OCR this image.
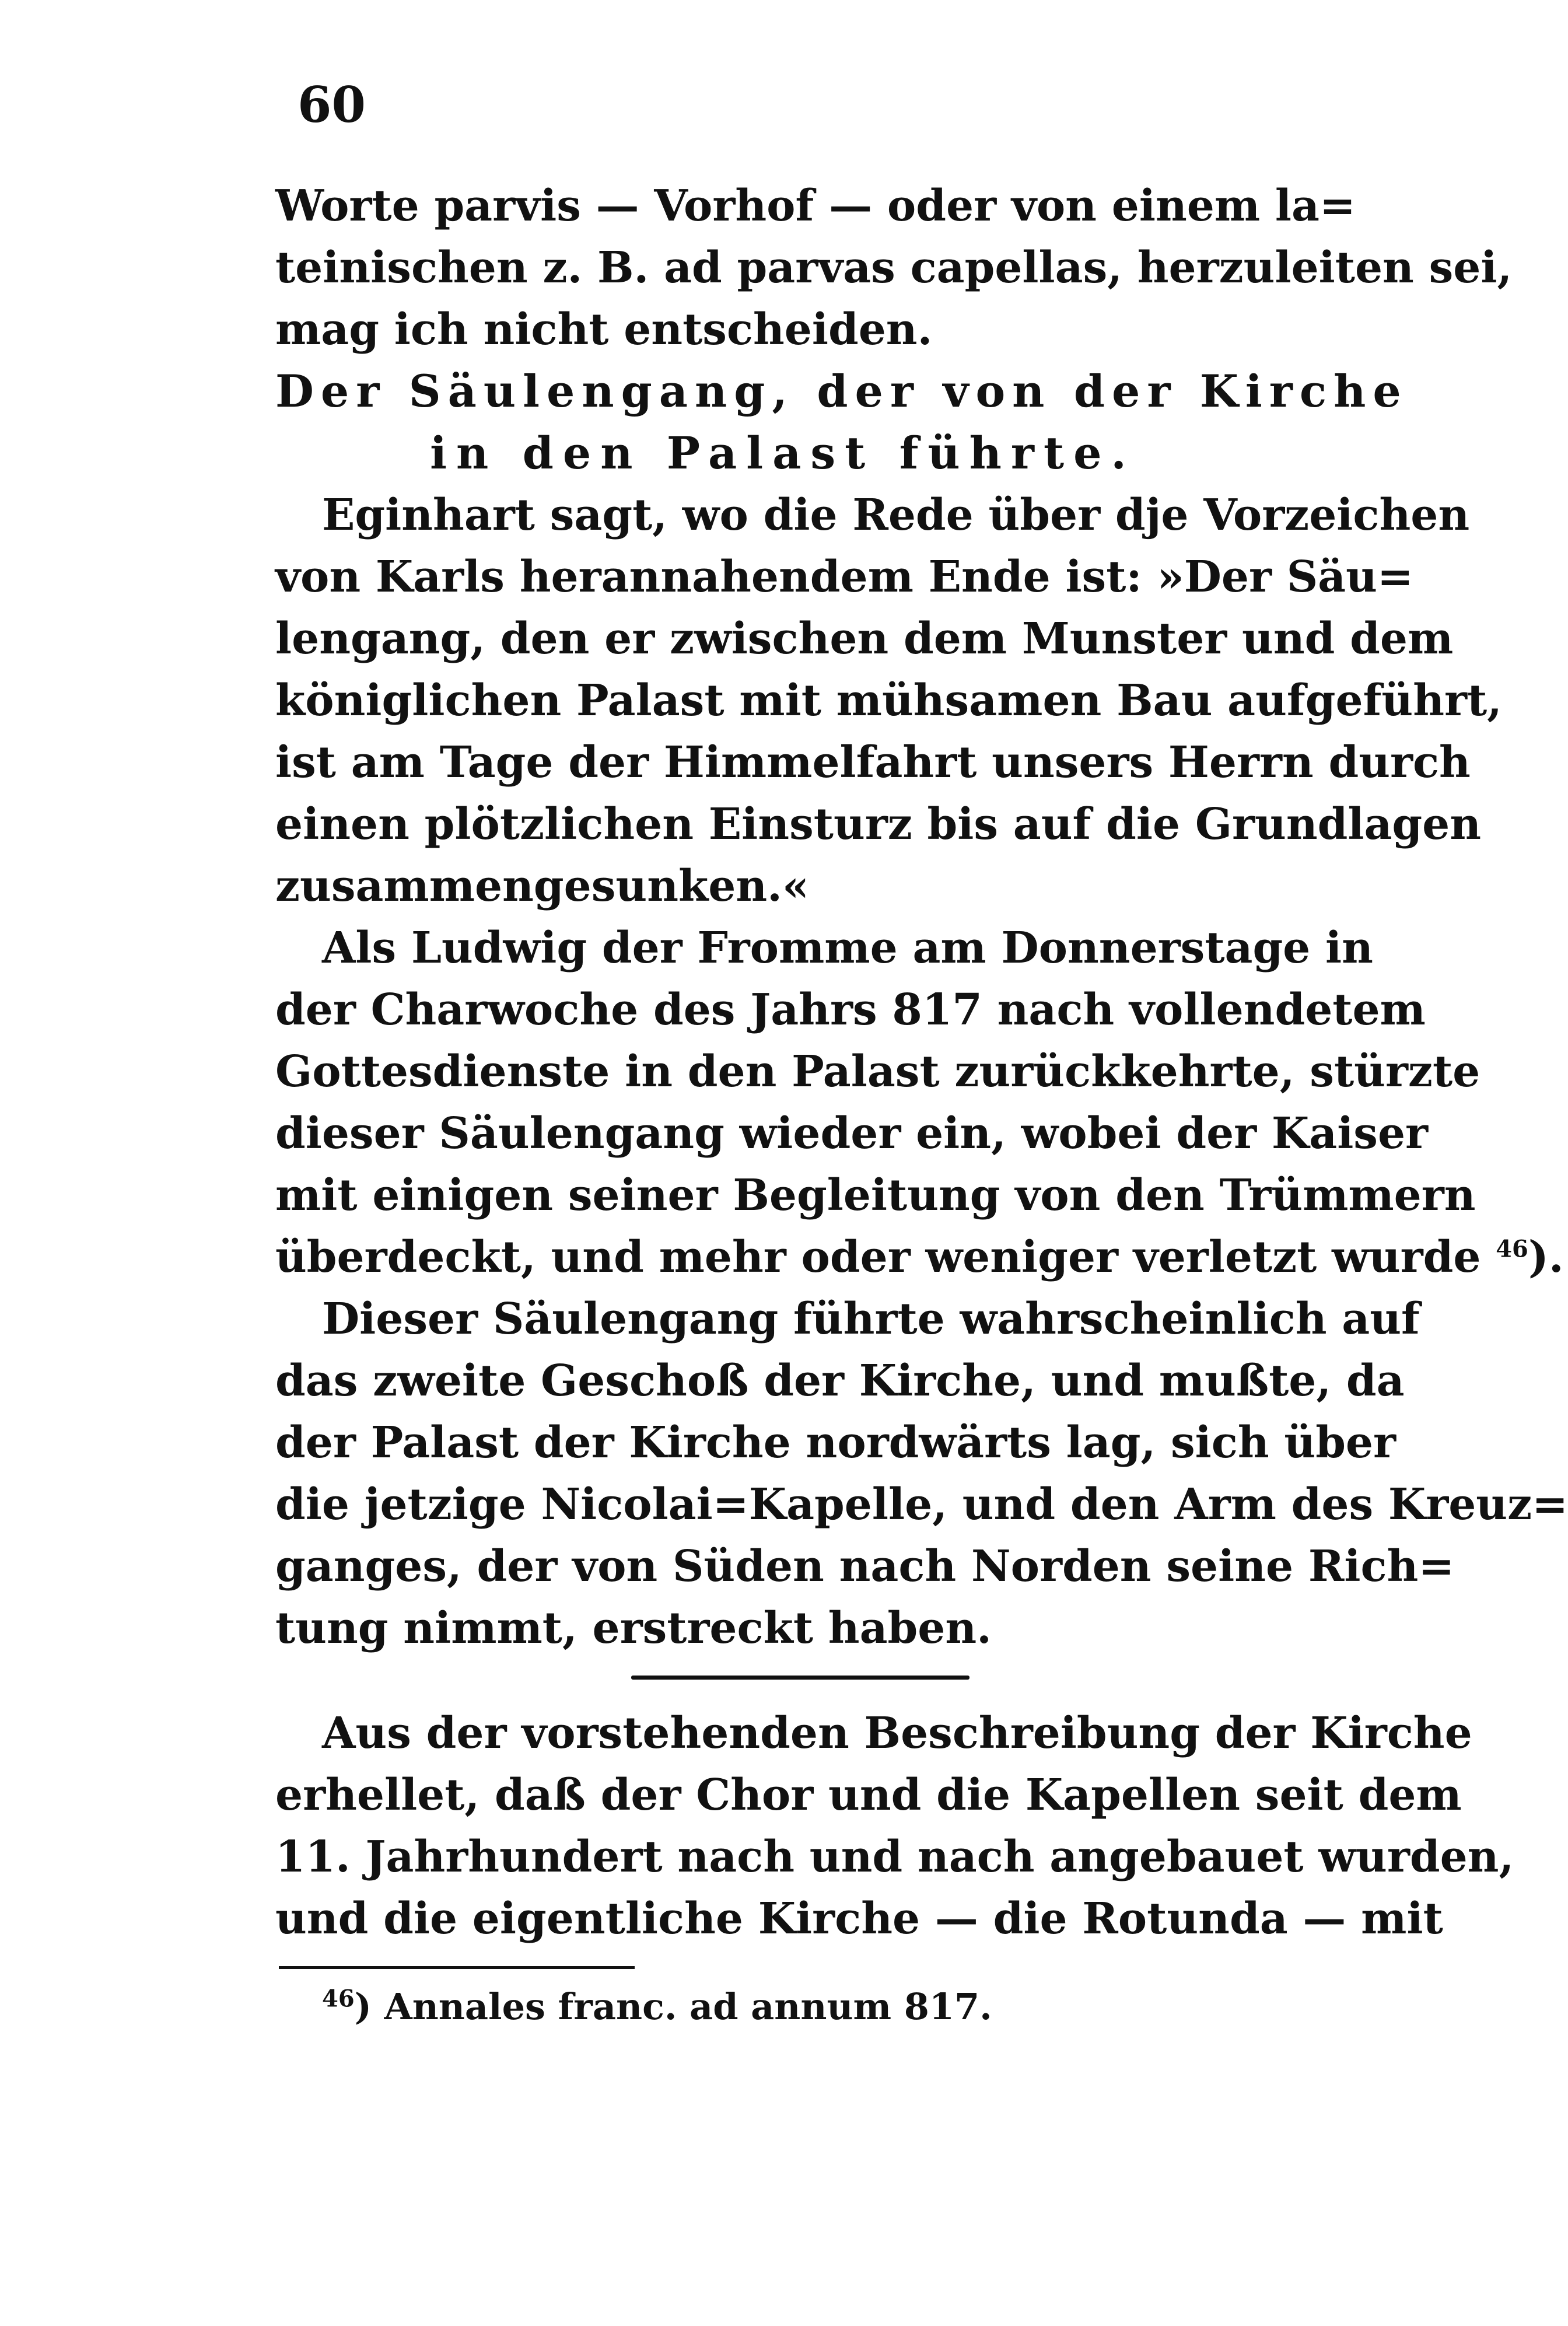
60
Worte parvis — Vorhof — oder von einem la=
teinischen z. B. ad parvas capellas, herzuleiten sei,
mag ich nicht entscheiden.
Der Säulengang, der von der Kirche
in den Palast führte.
Eginhart sagt, wo die Rede über dje Vorzeichen
von Karls herannahendem Ende ist: »Der Säu=
lengang, den er zwischen dem Munster und dem
königlichen Palast mit mühsamen Bau aufgeführt,
ist am Tage der Himmelfahrt unsers Herrn durch
einen plötzlichen Einsturz bis auf die Grundlagen
zusammengesunken.«
Als Ludwig der Fromme am Donnerstage in
der Charwoche des Jahrs 817 nach vollendetem
Gottesdienste in den Palast zurückkehrte, stürzte
dieser Säulengang wieder ein, wobei der Kaiser
mit einigen seiner Begleitung von den Trümmern
überdeckt, und mehr oder weniger verletzt wurde $^{46}$).
Dieser Säulengang führte wahrscheinlich auf
das zweite Geschoß der Kirche, und mußte, da
der Palast der Kirche nordwärts lag, sich über
die jetzige Nicolai=Kapelle, und den Arm des Kreuz=
ganges, der von Süden nach Norden seine Rich=
tung nimmt, erstreckt haben.
Aus der vorstehenden Beschreibung der Kirche
erhellet, daß der Chor und die Kapellen seit dem
11. Jahrhundert nach und nach angebauet wurden,
und die eigentliche Kirche — die Rotunda — mit
$^{46}$) Annales franc. ad annum 817.
